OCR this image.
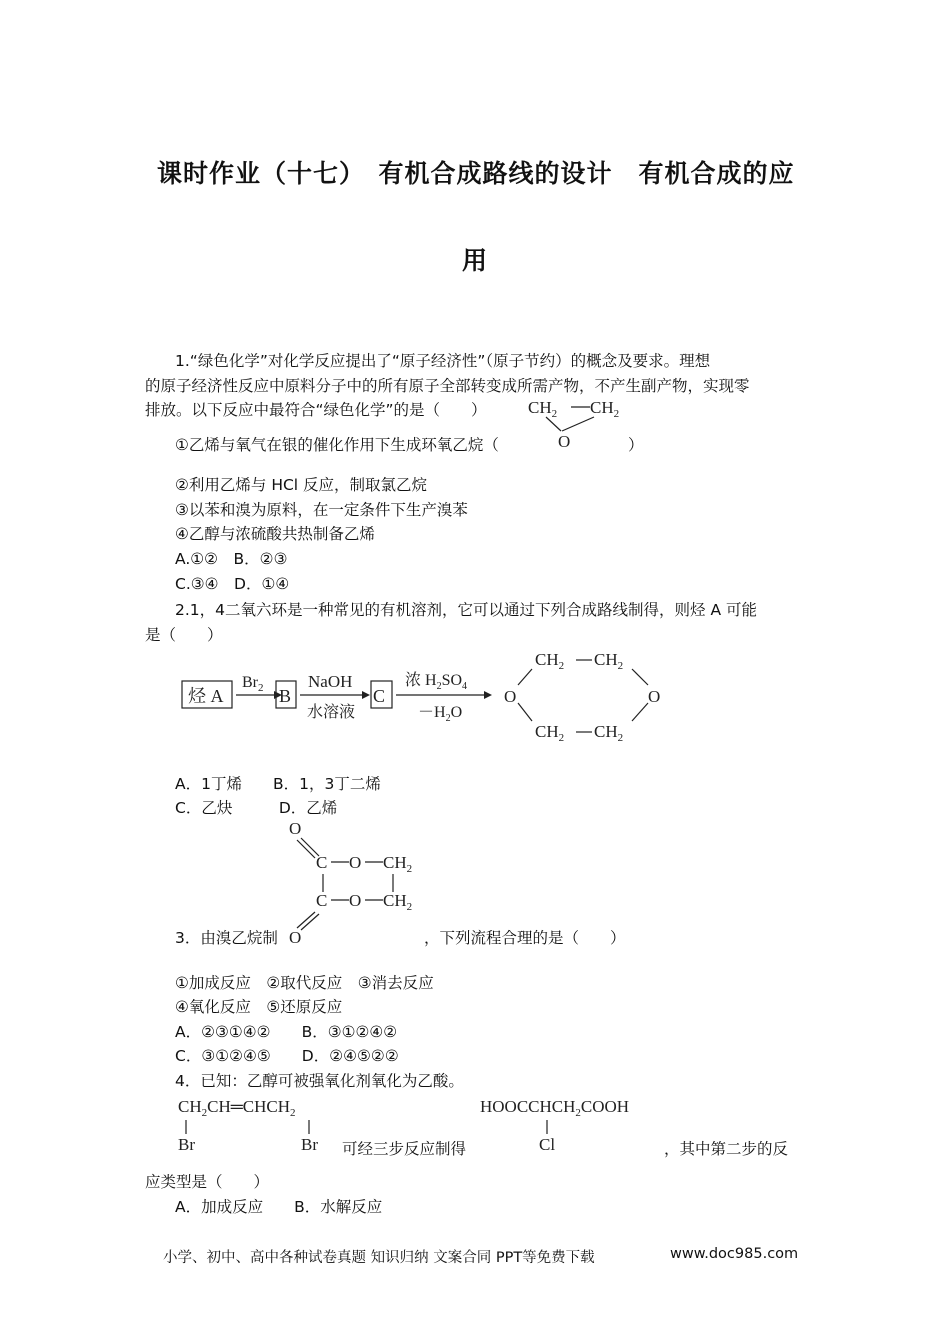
课时作业（十七）　有机合成路线的设计　有机合成的应
用
1.“绿色化学”对化学反应提出了“原子经济性”（原子节约）的概念及要求。理想
的原子经济性反应中原料分子中的所有原子全部转变成所需产物，不产生副产物，实现零
排放。以下反应中最符合“绿色化学”的是（　　） $CH_2$ $CH_2$
O
①乙烯与氧气在银的催化作用下生成环氧乙烷（	）
②利用乙烯与 HCl 反应，制取氯乙烷
③以苯和溴为原料，在一定条件下生产溴苯
④乙醇与浓硫酸共热制备乙烯
A.①②　B．②③
C.③④　D．①④
2.1，4二氧六环是一种常见的有机溶剂，它可以通过下列合成路线制得，则烃 A 可能
是（　　）
烃 A
$Br_2$ B
NaOH
水溶液
C
浓 $H_2SO_4$
$-H_2O$
$CH_2$ $CH_2$
O	O
$CH_2$ $CH_2$
A．1丁烯　　B．1，3丁二烯
C．乙炔　　　D．乙烯
O
C O $CH_2$
C O $CH_2$
O
3．由溴乙烷制	，下列流程合理的是（　　）
①加成反应　②取代反应　③消去反应
④氧化反应　⑤还原反应
A．②③①④②　　B．③①②④②
C．③①②④⑤　　D．②④⑤②②
4．已知：乙醇可被强氧化剂氧化为乙酸。
$CH_2CH═CHCH_2$
Br	Br 可经三步反应制得
$HOOCCHCH_2COOH$
Cl	，其中第二步的反
应类型是（　　）
A．加成反应　　B．水解反应
小学、初中、高中各种试卷真题 知识归纳 文案合同 PPT等免费下载	www.doc985.com
